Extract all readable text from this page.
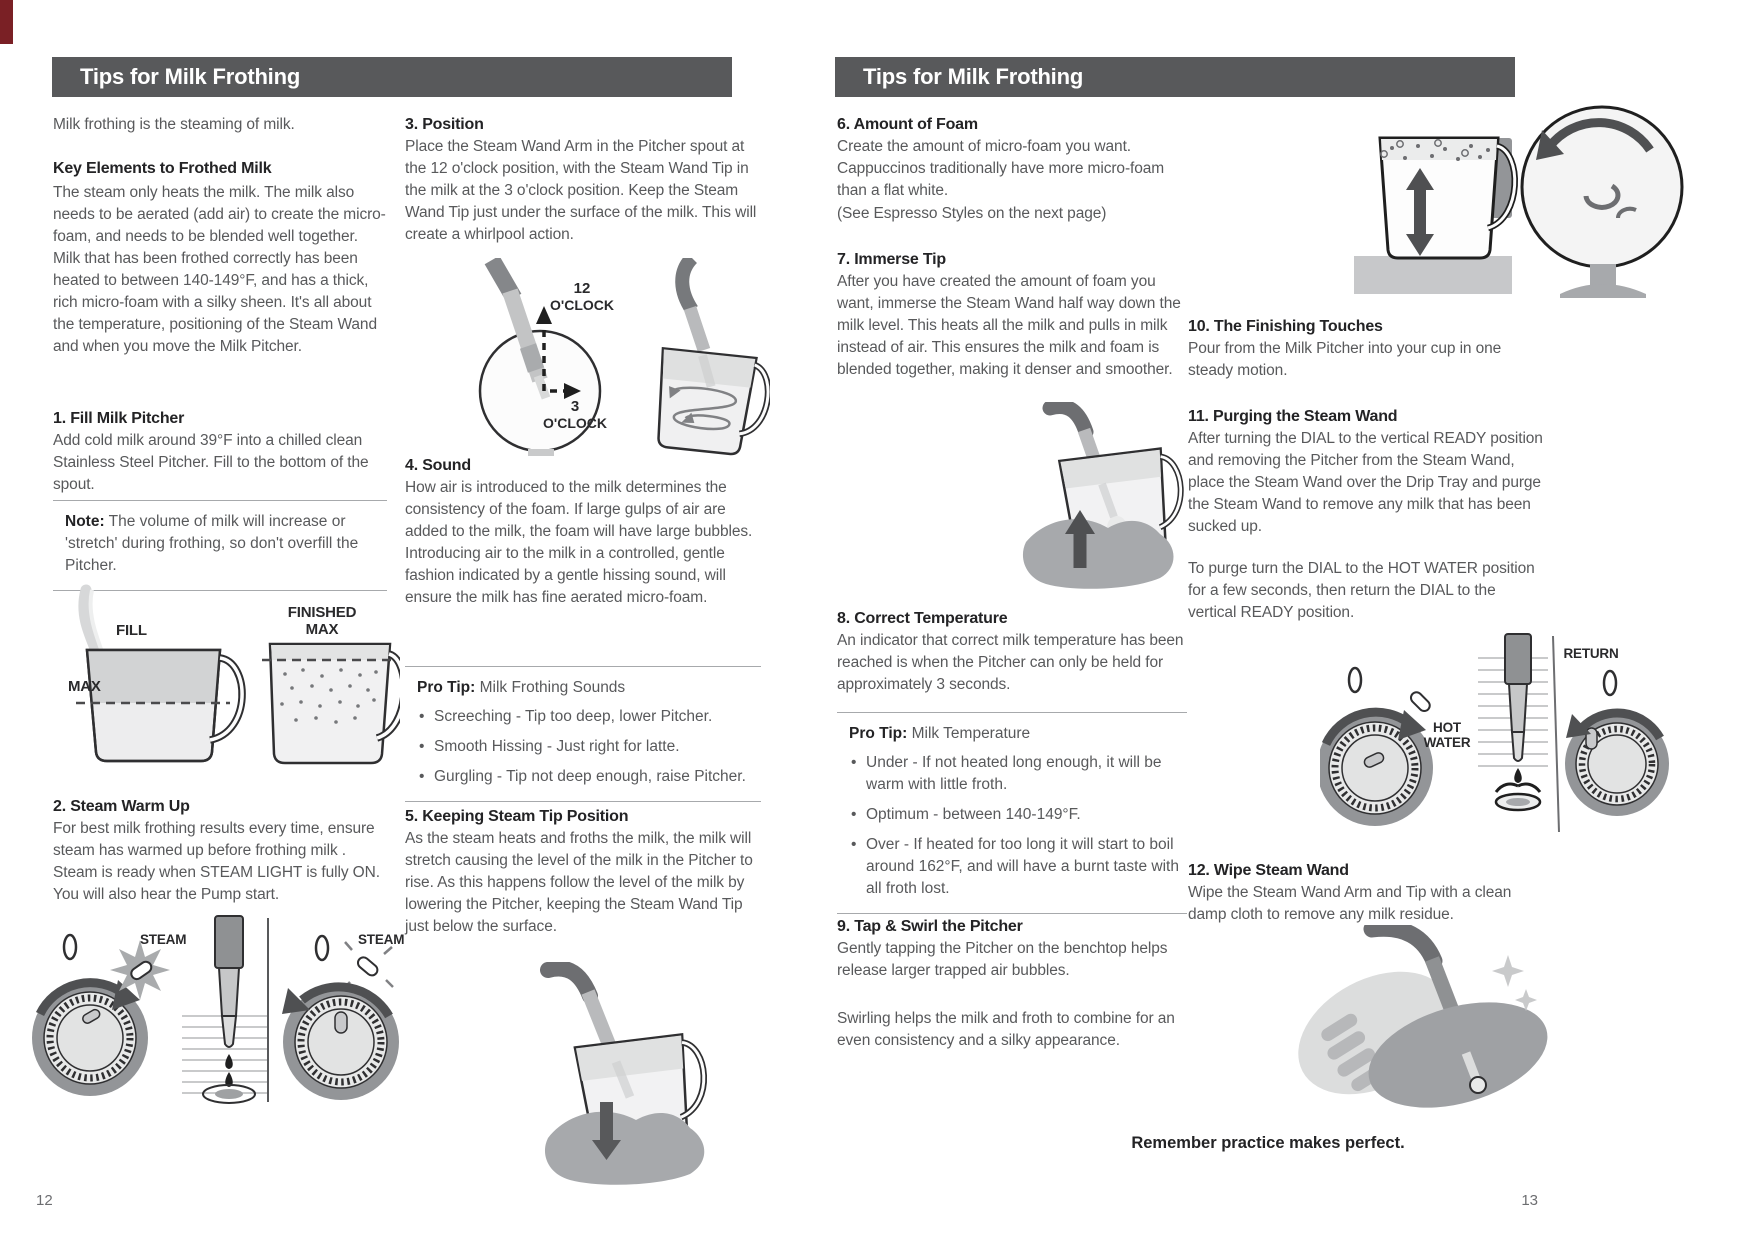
Tips for Milk Frothing
Milk frothing is the steaming of milk.
Key Elements to Frothed Milk
The steam only heats the milk. The milk also needs to be aerated (add air) to create the micro-foam, and needs to be blended well together. Milk that has been frothed correctly has been heated to between 140-149°F, and has a thick, rich micro-foam with a silky sheen. It's all about the temperature, positioning of the Steam Wand and when you move the Milk Pitcher.
1. Fill Milk Pitcher
Add cold milk around 39°F into a chilled clean Stainless Steel Pitcher. Fill to the bottom of the spout.
Note: The volume of milk will increase or 'stretch' during frothing, so don't overfill the Pitcher.
FILL
MAX
FINISHED MAX
2. Steam Warm Up
For best milk frothing results every time, ensure steam has warmed up before frothing milk . Steam is ready when STEAM LIGHT is fully ON. You will also hear the Pump start.
STEAM	STEAM
3. Position
Place the Steam Wand Arm in the Pitcher spout at the 12 o'clock position, with the Steam Wand Tip in the milk at the 3 o'clock position. Keep the Steam Wand Tip just under the surface of the milk. This will create a whirlpool action.
12
O'CLOCK
3
O'CLOCK
4. Sound
How air is introduced to the milk determines the consistency of the foam. If large gulps of air are added to the milk, the foam will have large bubbles. Introducing air to the milk in a controlled, gentle fashion indicated by a gentle hissing sound, will ensure the milk has fine aerated micro-foam.
Pro Tip: Milk Frothing Sounds
• Screeching - Tip too deep, lower Pitcher.
• Smooth Hissing - Just right for latte.
• Gurgling - Tip not deep enough, raise Pitcher.
5. Keeping Steam Tip Position
As the steam heats and froths the milk, the milk will stretch causing the level of the milk in the Pitcher to rise. As this happens follow the level of the milk by lowering the Pitcher, keeping the Steam Wand Tip just below the surface.
12
Tips for Milk Frothing
6. Amount of Foam
Create the amount of micro-foam you want. Cappuccinos traditionally have more micro-foam than a flat white.
(See Espresso Styles on the next page)
7. Immerse Tip
After you have created the amount of foam you want, immerse the Steam Wand half way down the milk level. This heats all the milk and pulls in milk instead of air. This ensures the milk and foam is blended together, making it denser and smoother.
8. Correct Temperature
An indicator that correct milk temperature has been reached is when the Pitcher can only be held for approximately 3 seconds.
Pro Tip: Milk Temperature
• Under - If not heated long enough, it will be warm with little froth.
• Optimum - between 140-149°F.
• Over - If heated for too long it will start to boil around 162°F, and will have a burnt taste with all froth lost.
9. Tap & Swirl the Pitcher
Gently tapping the Pitcher on the benchtop helps release larger trapped air bubbles.
Swirling helps the milk and froth to combine for an even consistency and a silky appearance.
10. The Finishing Touches
Pour from the Milk Pitcher into your cup in one steady motion.
11. Purging the Steam Wand
After turning the DIAL to the vertical READY position and removing the Pitcher from the Steam Wand, place the Steam Wand over the Drip Tray and purge the Steam Wand to remove any milk that has been sucked up.
To purge turn the DIAL to the HOT WATER position for a few seconds, then return the DIAL to the vertical READY position.
HOT WATER
RETURN
12. Wipe Steam Wand
Wipe the Steam Wand Arm and Tip with a clean damp cloth to remove any milk residue.
Remember practice makes perfect.
13
